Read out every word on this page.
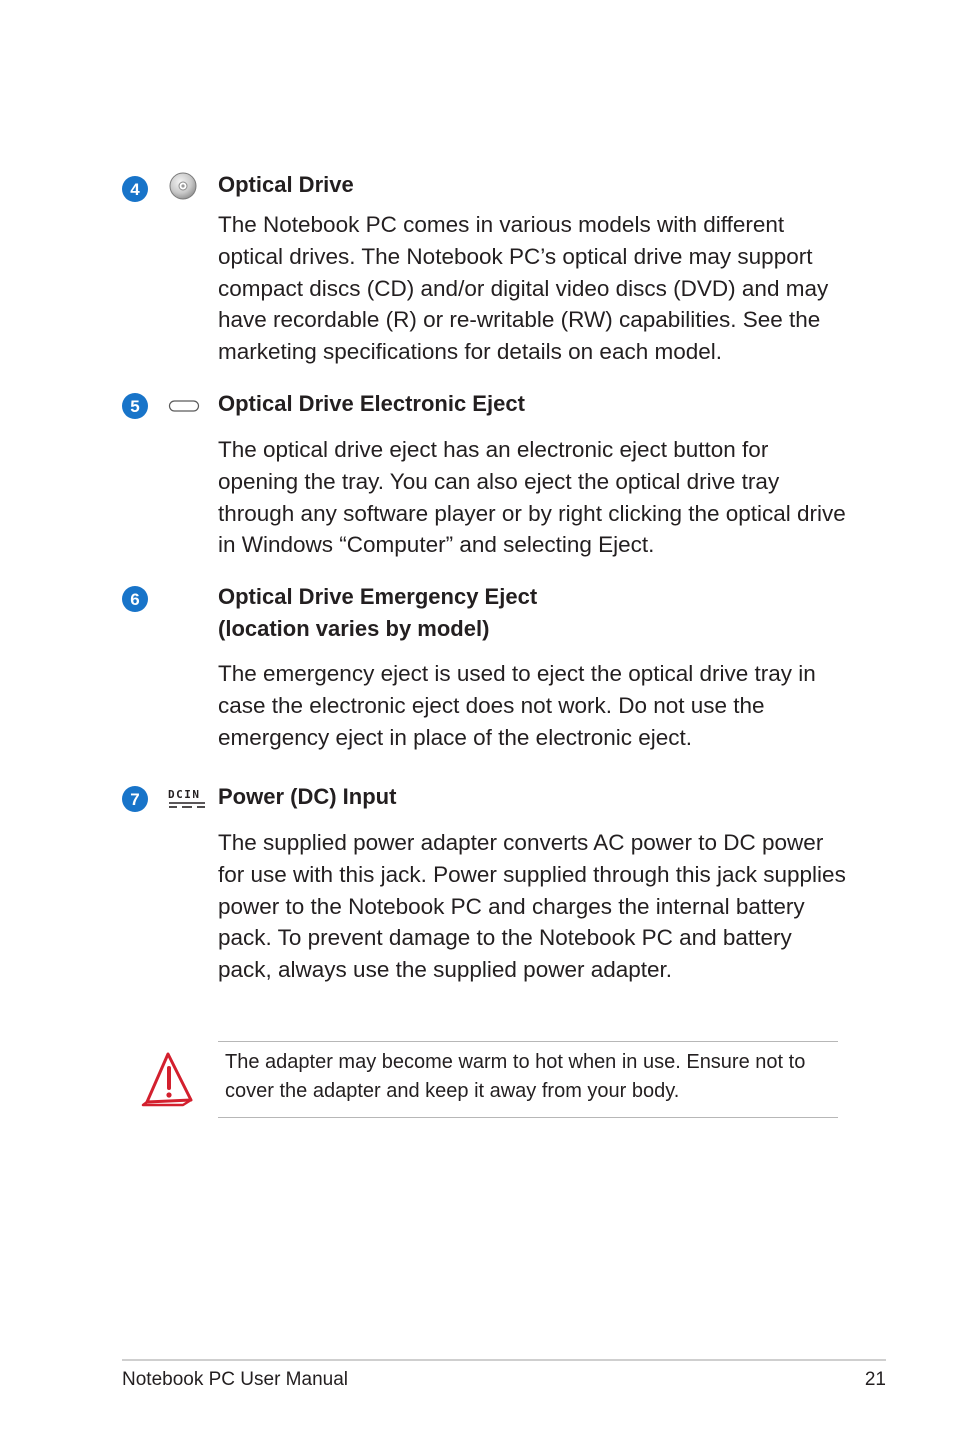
4	Optical Drive

The Notebook PC comes in various models with different optical drives. The Notebook PC’s optical drive may support compact discs (CD) and/or digital video discs (DVD) and may have recordable (R) or re-writable (RW) capabilities. See the marketing specifications for details on each model.

5	Optical Drive Electronic Eject

The optical drive eject has an electronic eject button for opening the tray. You can also eject the optical drive tray through any software player or by right clicking the optical drive in Windows “Computer” and selecting Eject.

6	Optical Drive Emergency Eject
(location varies by model)

The emergency eject is used to eject the optical drive tray in case the electronic eject does not work. Do not use the emergency eject in place of the electronic eject.

7	DCIN Power (DC) Input

The supplied power adapter converts AC power to DC power for use with this jack. Power supplied through this jack supplies power to the Notebook PC and charges the internal battery pack. To prevent damage to the Notebook PC and battery pack, always use the supplied power adapter.

The adapter may become warm to hot when in use. Ensure not to cover the adapter and keep it away from your body.

Notebook PC User Manual	21
